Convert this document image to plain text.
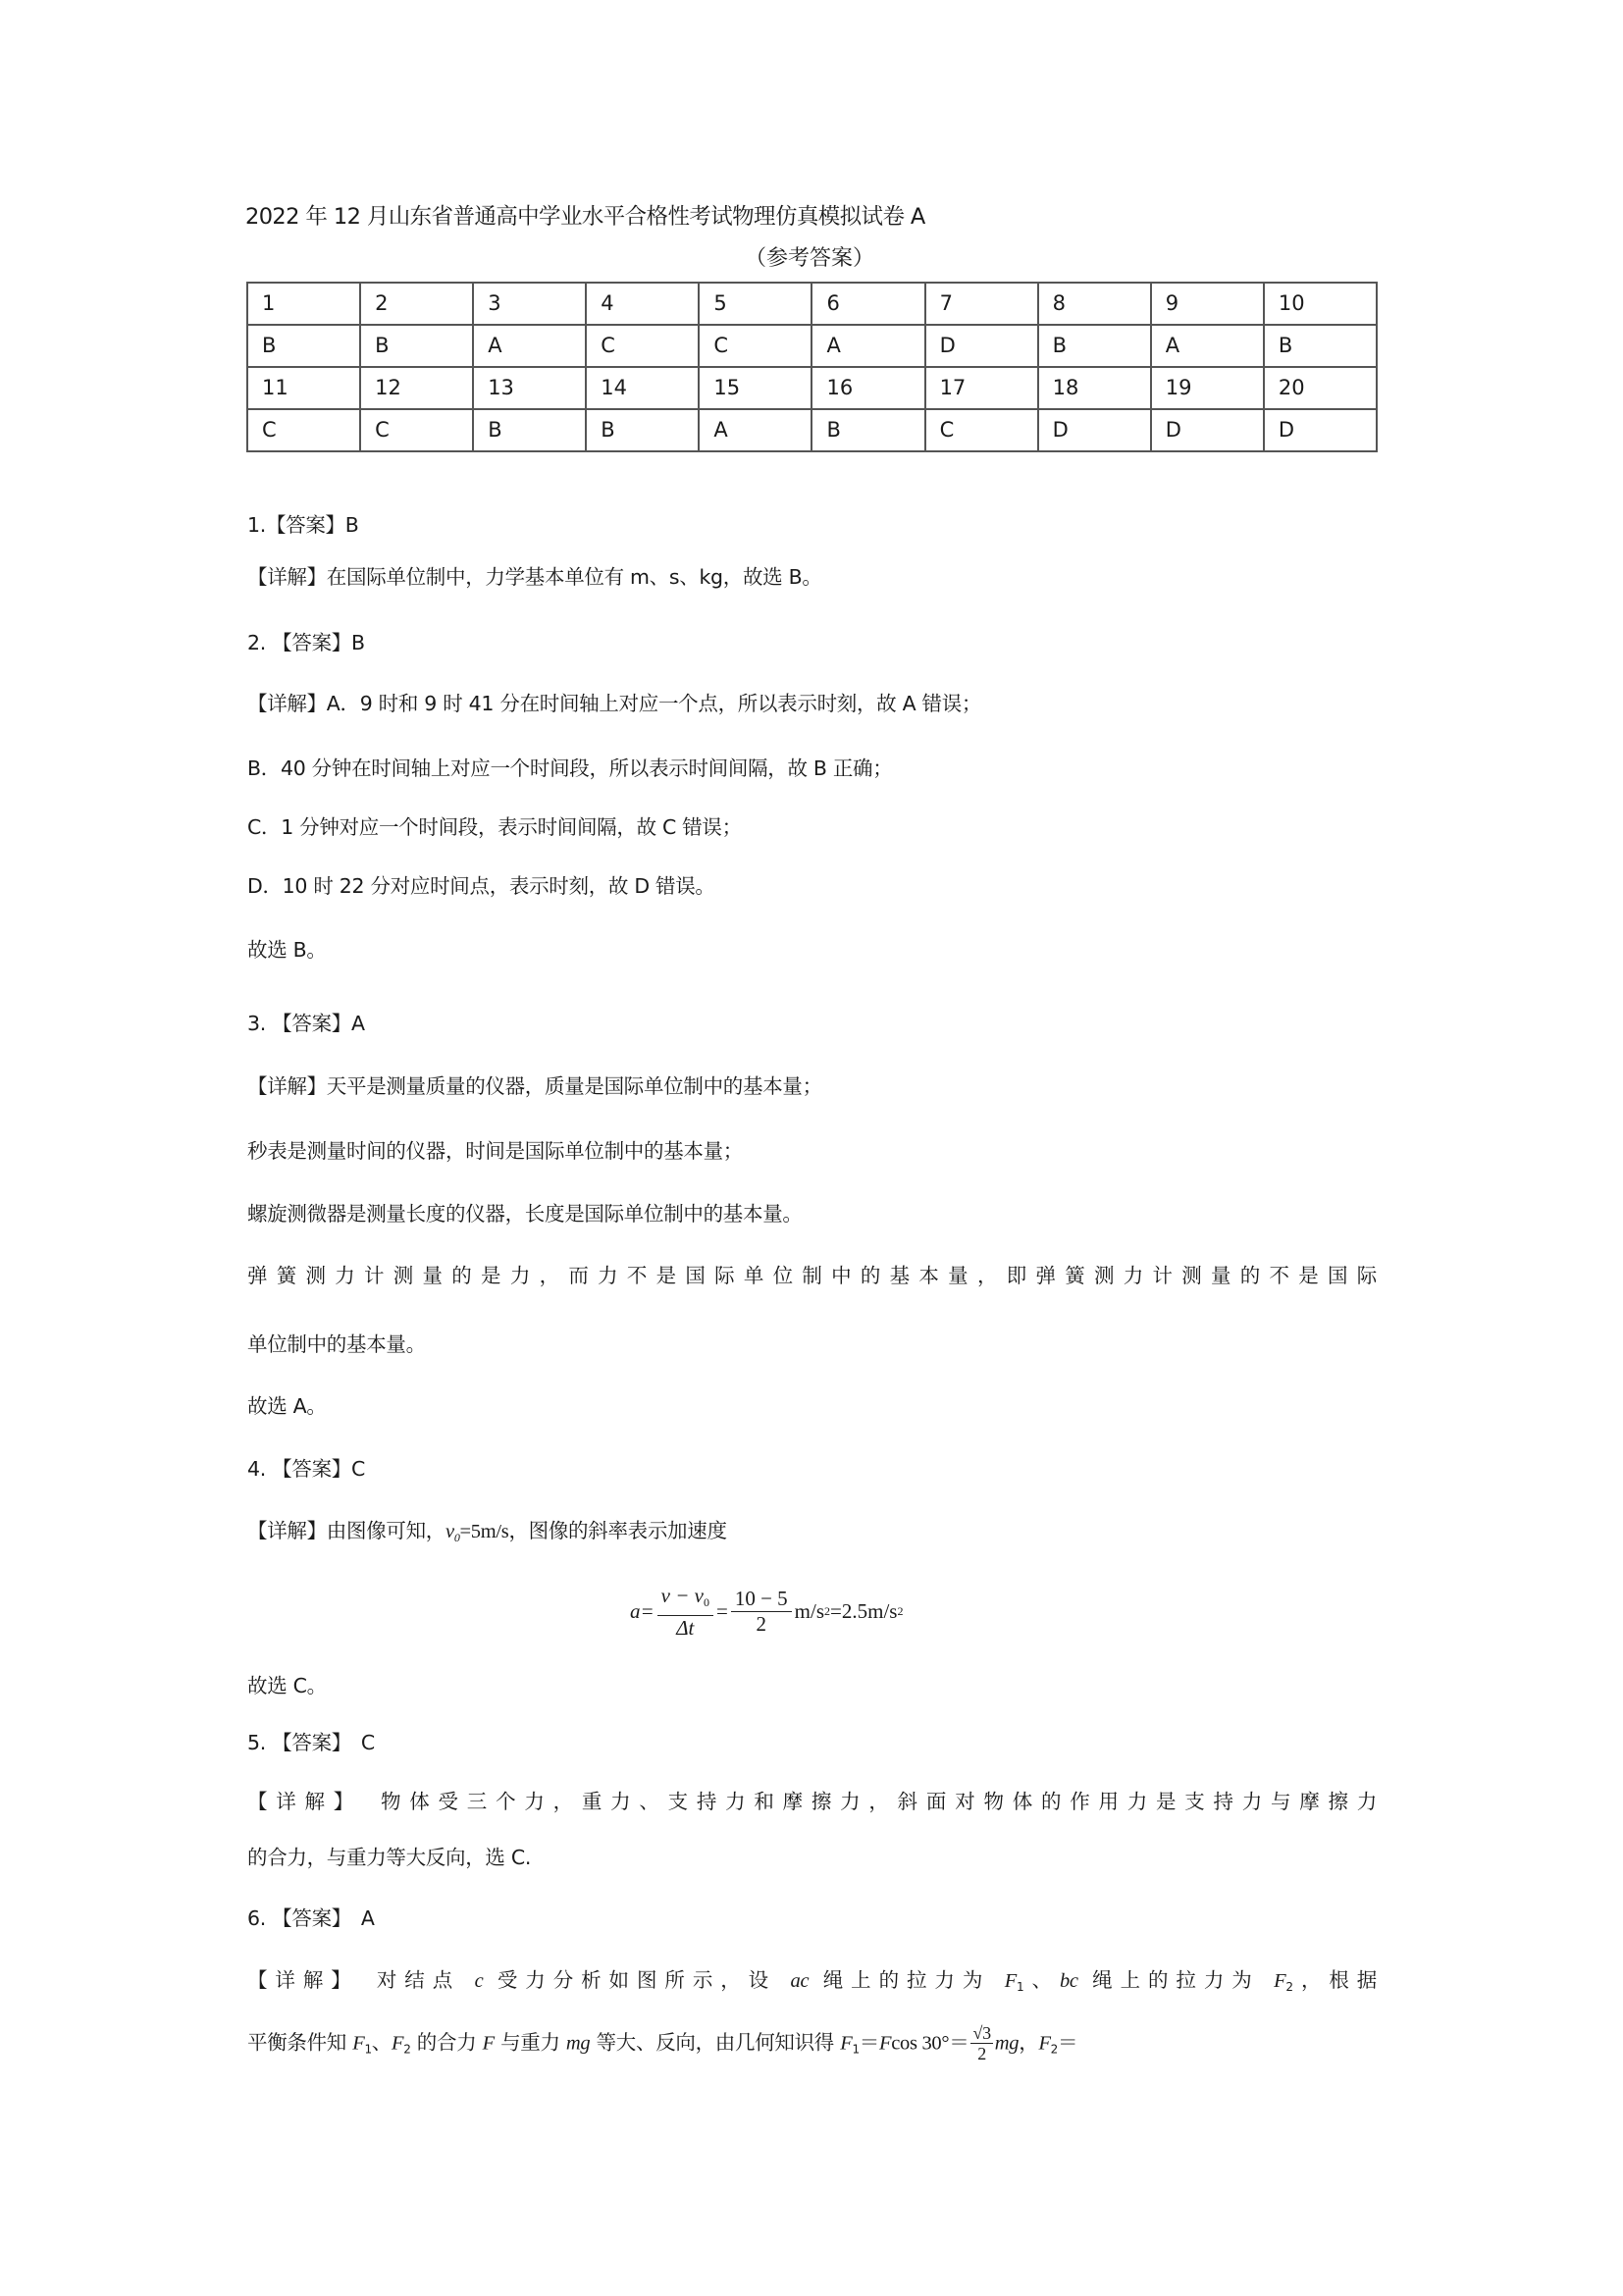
2022 年 12 月山东省普通高中学业水平合格性考试物理仿真模拟试卷 A
（参考答案）
1	2	3	4	5	6	7	8	9	10
B	B	A	C	C	A	D	B	A	B
11	12	13	14	15	16	17	18	19	20
C	C	B	B	A	B	C	D	D	D
1.【答案】B
【详解】在国际单位制中，力学基本单位有 m、s、kg，故选 B。
2. 【答案】B
【详解】A．9 时和 9 时 41 分在时间轴上对应一个点，所以表示时刻，故 A 错误；
B．40 分钟在时间轴上对应一个时间段，所以表示时间间隔，故 B 正确；
C．1 分钟对应一个时间段，表示时间间隔，故 C 错误；
D．10 时 22 分对应时间点，表示时刻，故 D 错误。
故选 B。
3. 【答案】A
【详解】天平是测量质量的仪器，质量是国际单位制中的基本量；
秒表是测量时间的仪器，时间是国际单位制中的基本量；
螺旋测微器是测量长度的仪器，长度是国际单位制中的基本量。
弹簧测力计测量的是力，而力不是国际单位制中的基本量，即弹簧测力计测量的不是国际
单位制中的基本量。
故选 A。
4. 【答案】C
【详解】由图像可知，$v_0=5m/s$，图像的斜率表示加速度
$a= \frac{v - v_0}{\Delta t} = \frac{10 - 5}{2} m/s$ 2 =2.5m/s 2
故选 C。
5. 【答案】　C
【详解】　物体受三个力，重力、支持力和摩擦力，斜面对物体的作用力是支持力与摩擦力
的合力，与重力等大反向，选 C.
6. 【答案】　A
【详解】　对结点 c 受力分析如图所示，设 ac 绳上的拉力为 $F_1$、bc 绳上的拉力为 $F_2$，根据
平衡条件知 $F_1$、$F_2$ 的合力 F 与重力 mg 等大、反向，由几何知识得 $F_1=Fcos$ $30^\circ= \frac{√3}{2}$ mg，$F_2=$
